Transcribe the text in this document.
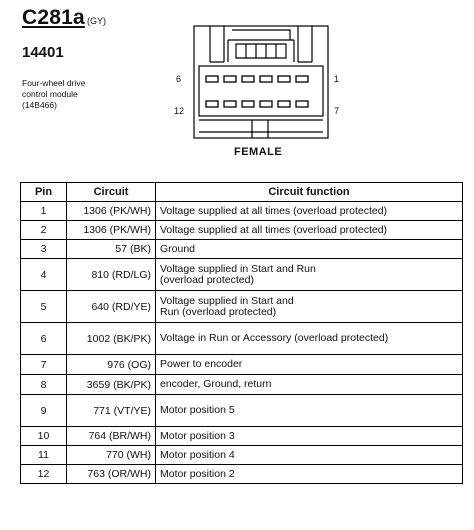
C281a (GY)
14401
Four-wheel drive
control module
(14B466)
6	1
12	7
FEMALE
Pin	Circuit	Circuit function
1	1306 (PK/WH)	Voltage supplied at all times (overload protected)
2	1306 (PK/WH)	Voltage supplied at all times (overload protected)
3	57 (BK)	Ground
4	810 (RD/LG)	Voltage supplied in Start and Run
(overload protected)

5	640 (RD/YE)	Voltage supplied in Start and
Run (overload protected)

6	1002 (BK/PK)	Voltage in Run or Accessory (overload protected)
7	976 (OG)	Power to encoder
8	3659 (BK/PK)	encoder, Ground, return
9	771 (VT/YE)	Motor position 5
10	764 (BR/WH)	Motor position 3
11	770 (WH)	Motor position 4
12	763 (OR/WH)	Motor position 2
